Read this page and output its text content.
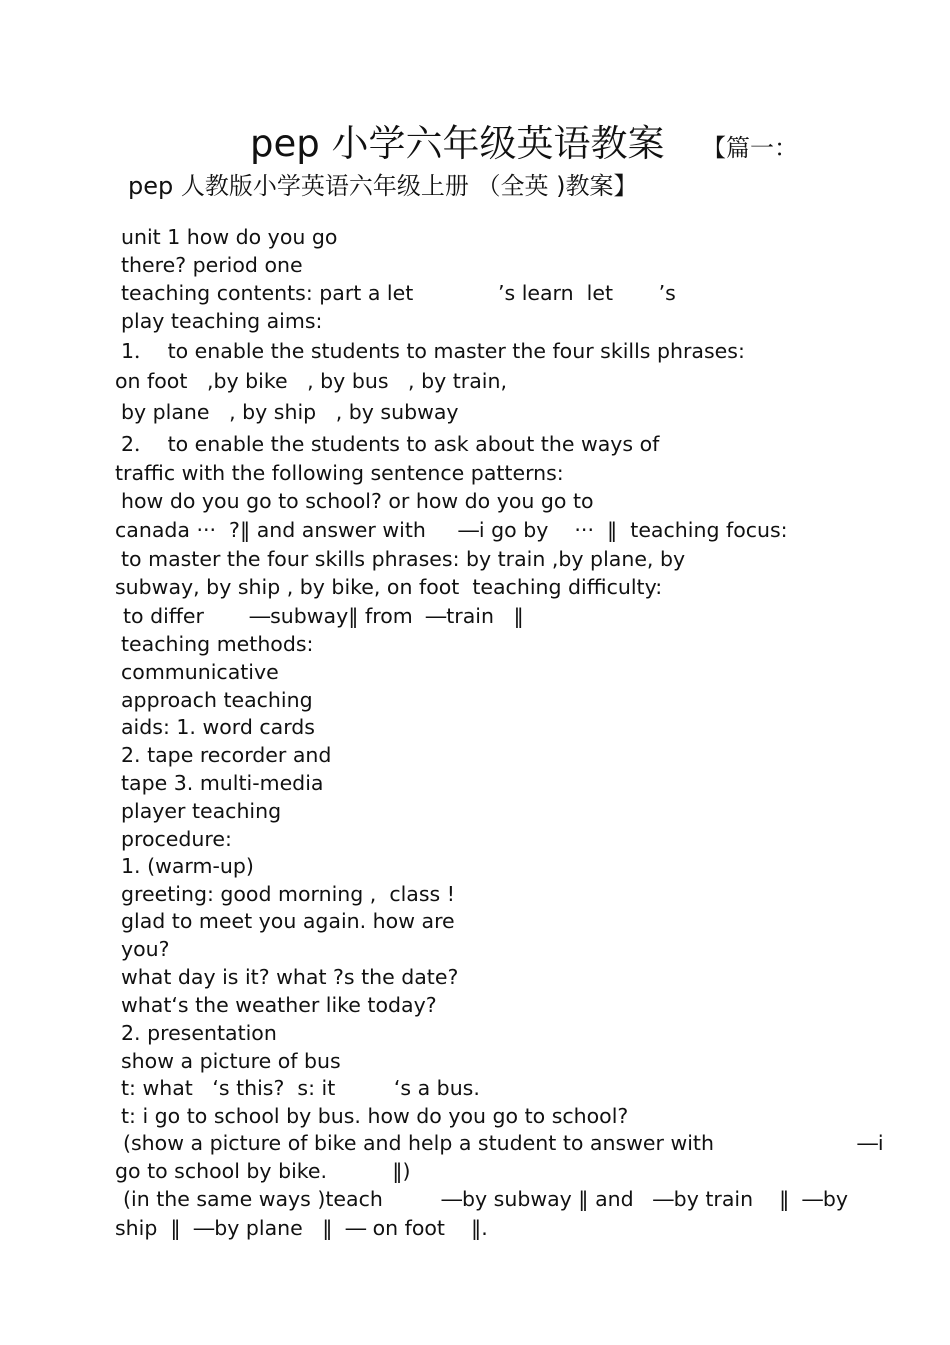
pep 小学六年级英语教案 【篇一：
pep 人教版小学英语六年级上册 （全英 )教案】
unit 1 how do you go
there? period one
teaching contents: part a let             ’s learn  let       ’s
play teaching aims:
1．  to enable the students to master the four skills phrases:
on foot   ,by bike   , by bus   , by train,
by plane   , by ship   , by subway
2．  to enable the students to ask about the ways of
traffic with the following sentence patterns:
how do you go to school? or how do you go to
canada ···  ?‖ and answer with     ―i go by    ···  ‖  teaching focus:
to master the four skills phrases: by train ,by plane, by
subway, by ship , by bike, on foot  teaching difficulty:
to differ       ―subway‖ from  ―train   ‖
teaching methods:
communicative
approach teaching
aids: 1. word cards
2. tape recorder and
tape 3. multi-media
player teaching
procedure:
1. (warm-up)
greeting: good morning ,  class !
glad to meet you again. how are
you?
what day is it? what ?s the date?
what‘s the weather like today?
2. presentation
show a picture of bus
t: what   ‘s this?  s: it         ‘s a bus.
t: i go to school by bus. how do you go to school?
(show a picture of bike and help a student to answer with                      ―i
go to school by bike.          ‖)
(in the same ways )teach         ―by subway ‖ and   ―by train    ‖  ―by
ship  ‖  ―by plane   ‖  ― on foot    ‖.
